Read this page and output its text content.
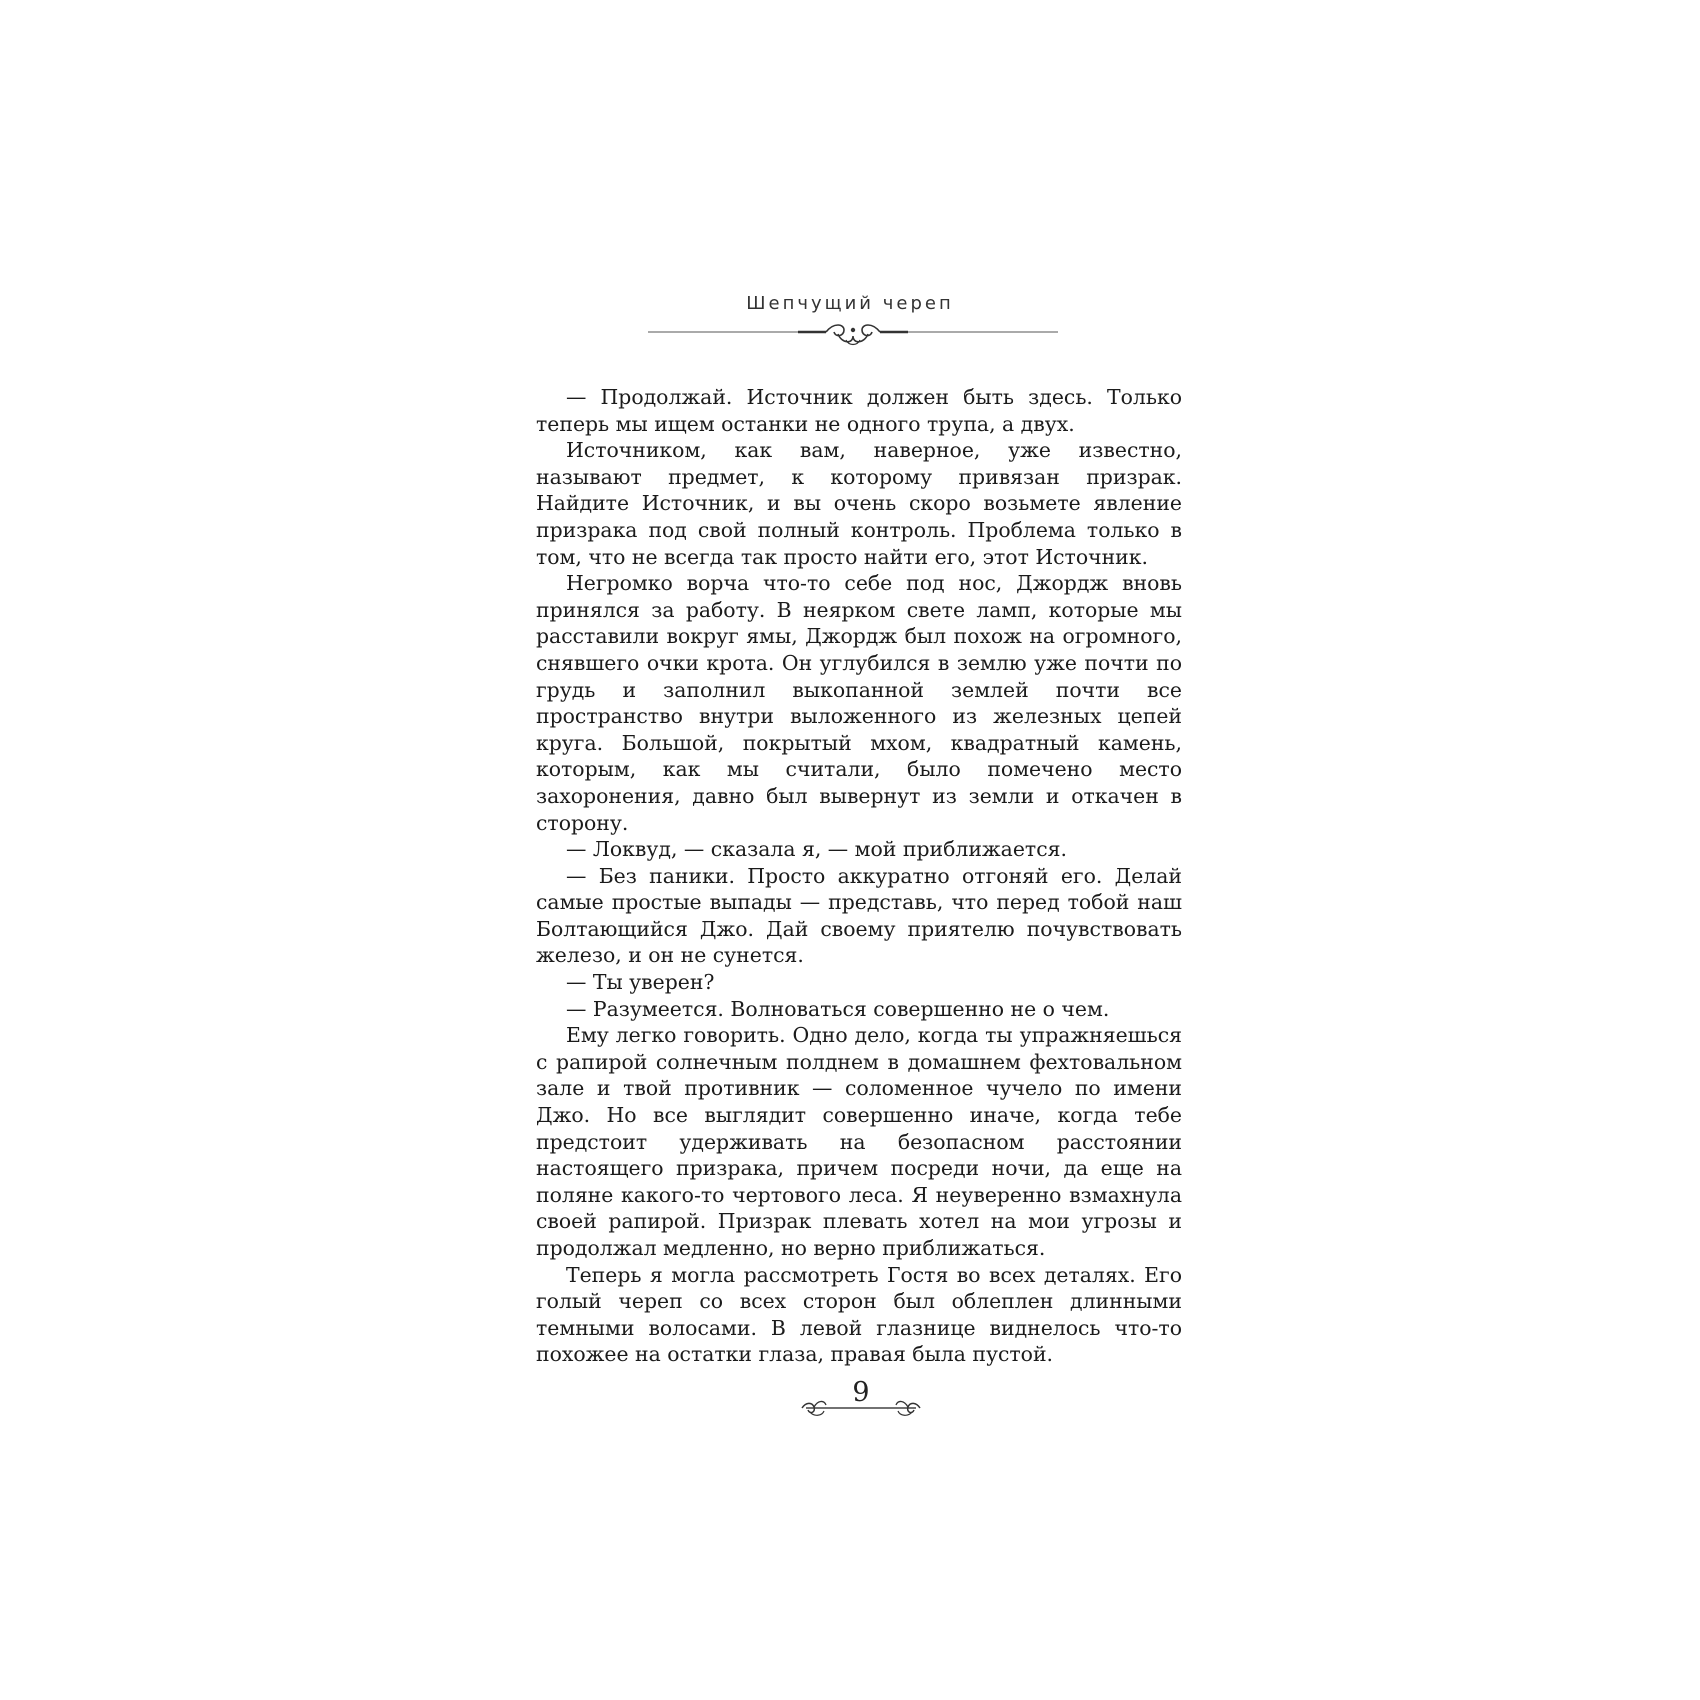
Шепчущий череп

— Продолжай. Источник должен быть здесь. Только теперь мы ищем останки не одного трупа, а двух.

Источником, как вам, наверное, уже известно, называют предмет, к которому привязан призрак. Найдите Источник, и вы очень скоро возьмете явление призрака под свой полный контроль. Проблема только в том, что не всегда так просто найти его, этот Источник.

Негромко ворча что-то себе под нос, Джордж вновь принялся за работу. В неярком свете ламп, которые мы расставили вокруг ямы, Джордж был похож на огромного, снявшего очки крота. Он углубился в землю уже почти по грудь и заполнил выкопанной землей почти все пространство внутри выложенного из железных цепей круга. Большой, покрытый мхом, квадратный камень, которым, как мы считали, было помечено место захоронения, давно был вывернут из земли и откачен в сторону.

— Локвуд, — сказала я, — мой приближается.

— Без паники. Просто аккуратно отгоняй его. Делай самые простые выпады — представь, что перед тобой наш Болтающийся Джо. Дай своему приятелю почувствовать железо, и он не сунется.

— Ты уверен?

— Разумеется. Волноваться совершенно не о чем.

Ему легко говорить. Одно дело, когда ты упражняешься с рапирой солнечным полднем в домашнем фехтовальном зале и твой противник — соломенное чучело по имени Джо. Но все выглядит совершенно иначе, когда тебе предстоит удерживать на безопасном расстоянии настоящего призрака, причем посреди ночи, да еще на поляне какого-то чертового леса. Я неуверенно взмахнула своей рапирой. Призрак плевать хотел на мои угрозы и продолжал медленно, но верно приближаться.

Теперь я могла рассмотреть Гостя во всех деталях. Его голый череп со всех сторон был облеплен длинными темными волосами. В левой глазнице виднелось что-то похожее на остатки глаза, правая была пустой.

9
